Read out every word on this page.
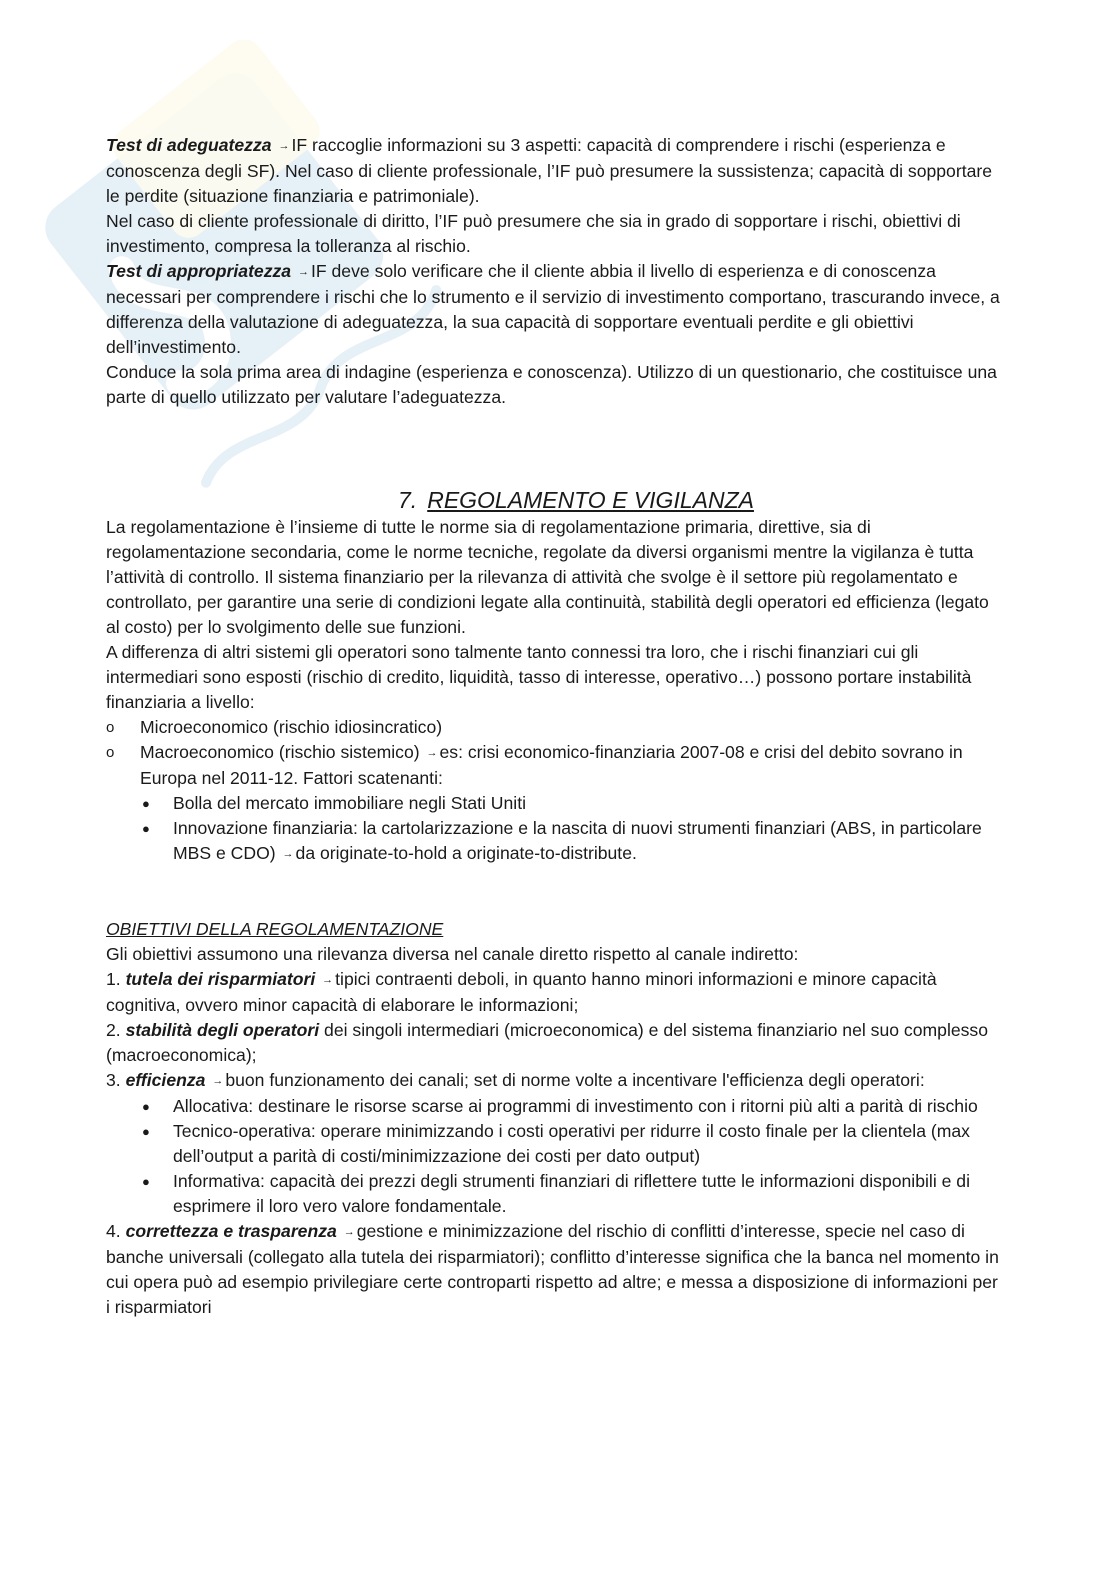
Test di adeguatezza → IF raccoglie informazioni su 3 aspetti: capacità di comprendere i rischi (esperienza e conoscenza degli SF). Nel caso di cliente professionale, l’IF può presumere la sussistenza; capacità di sopportare le perdite (situazione finanziaria e patrimoniale).

Nel caso di cliente professionale di diritto, l’IF può presumere che sia in grado di sopportare i rischi, obiettivi di investimento, compresa la tolleranza al rischio.

Test di appropriatezza → IF deve solo verificare che il cliente abbia il livello di esperienza e di conoscenza necessari per comprendere i rischi che lo strumento e il servizio di investimento comportano, trascurando invece, a differenza della valutazione di adeguatezza, la sua capacità di sopportare eventuali perdite e gli obiettivi dell’investimento.

Conduce la sola prima area di indagine (esperienza e conoscenza). Utilizzo di un questionario, che costituisce una parte di quello utilizzato per valutare l’adeguatezza.

7. REGOLAMENTO E VIGILANZA

La regolamentazione è l’insieme di tutte le norme sia di regolamentazione primaria, direttive, sia di regolamentazione secondaria, come le norme tecniche, regolate da diversi organismi mentre la vigilanza è tutta l’attività di controllo. Il sistema finanziario per la rilevanza di attività che svolge è il settore più regolamentato e controllato, per garantire una serie di condizioni legate alla continuità, stabilità degli operatori ed efficienza (legato al costo) per lo svolgimento delle sue funzioni.

A differenza di altri sistemi gli operatori sono talmente tanto connessi tra loro, che i rischi finanziari cui gli intermediari sono esposti (rischio di credito, liquidità, tasso di interesse, operativo…) possono portare instabilità finanziaria a livello:

o Microeconomico (rischio idiosincratico)
o Macroeconomico (rischio sistemico) → es: crisi economico-finanziaria 2007-08 e crisi del debito sovrano in Europa nel 2011-12. Fattori scatenanti:
● Bolla del mercato immobiliare negli Stati Uniti
● Innovazione finanziaria: la cartolarizzazione e la nascita di nuovi strumenti finanziari (ABS, in particolare MBS e CDO) → da originate-to-hold a originate-to-distribute.

OBIETTIVI DELLA REGOLAMENTAZIONE

Gli obiettivi assumono una rilevanza diversa nel canale diretto rispetto al canale indiretto:

1. tutela dei risparmiatori → tipici contraenti deboli, in quanto hanno minori informazioni e minore capacità cognitiva, ovvero minor capacità di elaborare le informazioni;

2. stabilità degli operatori dei singoli intermediari (microeconomica) e del sistema finanziario nel suo complesso (macroeconomica);

3. efficienza → buon funzionamento dei canali; set di norme volte a incentivare l'efficienza degli operatori:

● Allocativa: destinare le risorse scarse ai programmi di investimento con i ritorni più alti a parità di rischio
● Tecnico-operativa: operare minimizzando i costi operativi per ridurre il costo finale per la clientela (max dell’output a parità di costi/minimizzazione dei costi per dato output)
● Informativa: capacità dei prezzi degli strumenti finanziari di riflettere tutte le informazioni disponibili e di esprimere il loro vero valore fondamentale.

4. correttezza e trasparenza → gestione e minimizzazione del rischio di conflitti d’interesse, specie nel caso di banche universali (collegato alla tutela dei risparmiatori); conflitto d’interesse significa che la banca nel momento in cui opera può ad esempio privilegiare certe controparti rispetto ad altre; e messa a disposizione di informazioni per i risparmiatori
